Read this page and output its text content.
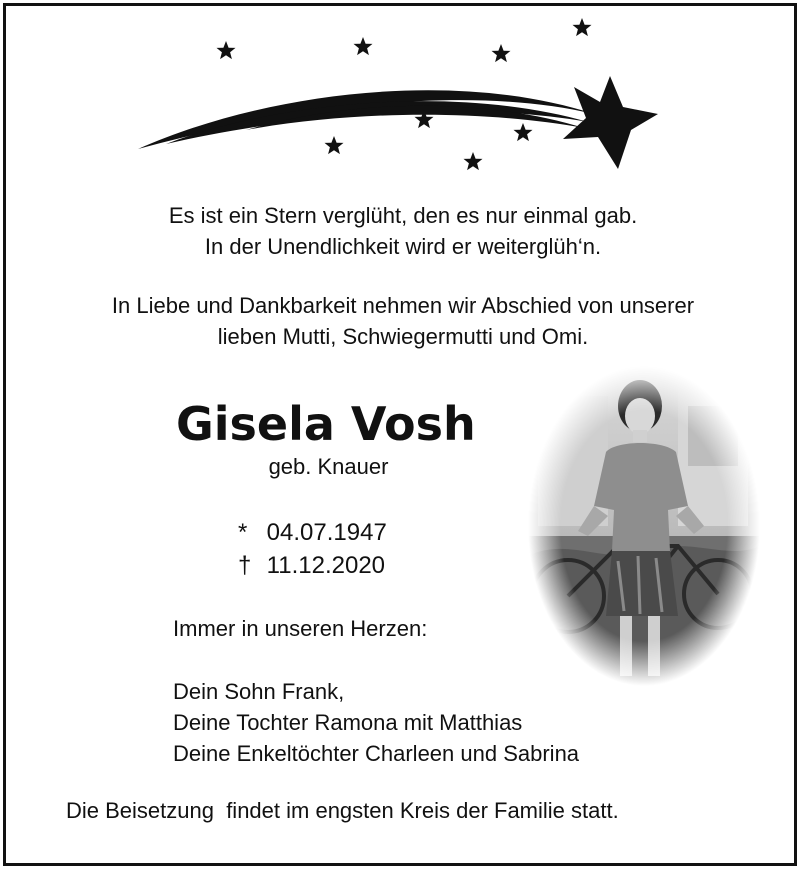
Es ist ein Stern verglüht, den es nur einmal gab.
In der Unendlichkeit wird er weiterglüh‘n.
In Liebe und Dankbarkeit nehmen wir Abschied von unserer
lieben Mutti, Schwiegermutti und Omi.
Gisela Vosh
geb. Knauer
* 04.07.1947
† 11.12.2020
Immer in unseren Herzen:
Dein Sohn Frank,
Deine Tochter Ramona mit Matthias
Deine Enkeltöchter Charleen und Sabrina
Die Beisetzung  findet im engsten Kreis der Familie statt.
